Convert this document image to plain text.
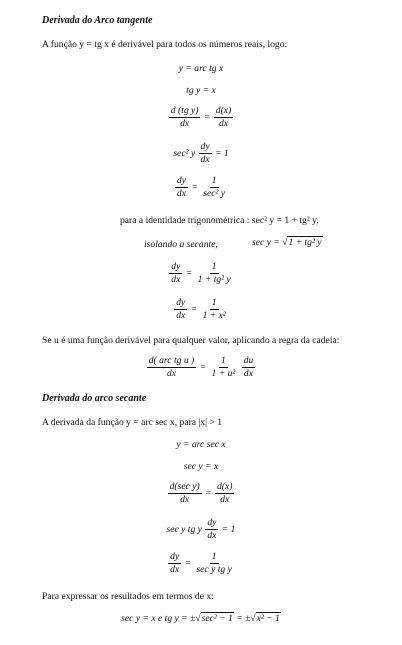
Derivada do Arco tangente
A função y = tg x é derivável para todos os números reais, logo:
y = arc tg x
tg y = x
$\frac{\text{d (tg y)}}{dx} = \frac{d(x)}{dx}$
sec² y $\frac{dy}{dx} = 1$
$\frac{dy}{dx} = \frac{1}{\text{sec² y}}$
para a identidade trigonométrica : sec² y = 1 + tg² y,
isolando a secante,	sec y = √1 + tg² y
$\frac{dy}{dx} = \frac{1}{\text{1 + tg² y}}$
$\frac{dy}{dx} = \frac{1}{\text{1 + x²}}$
Se u é uma função derivável para qualquer valor, aplicando a regra da cadeia:
$\frac{\text{d( arc tg u )}}{dx} = \frac{1}{\text{1 + u²}}$
$\frac{du}{dx}$
Derivada do arco secante
A derivada da função y = arc sec x, para |x| > 1
y = arc sec x
sec y = x
$\frac{\text{d(sec y)}}{dx} = \frac{d(x)}{dx}$
sec y tg y $\frac{dy}{dx} = 1$
$\frac{dy}{dx} = \frac{1}{\text{sec y tg y}}$
Para expressar os resultados em termos de x:
sec y = x e tg y = ±√sec² − 1 = ±√x² − 1
